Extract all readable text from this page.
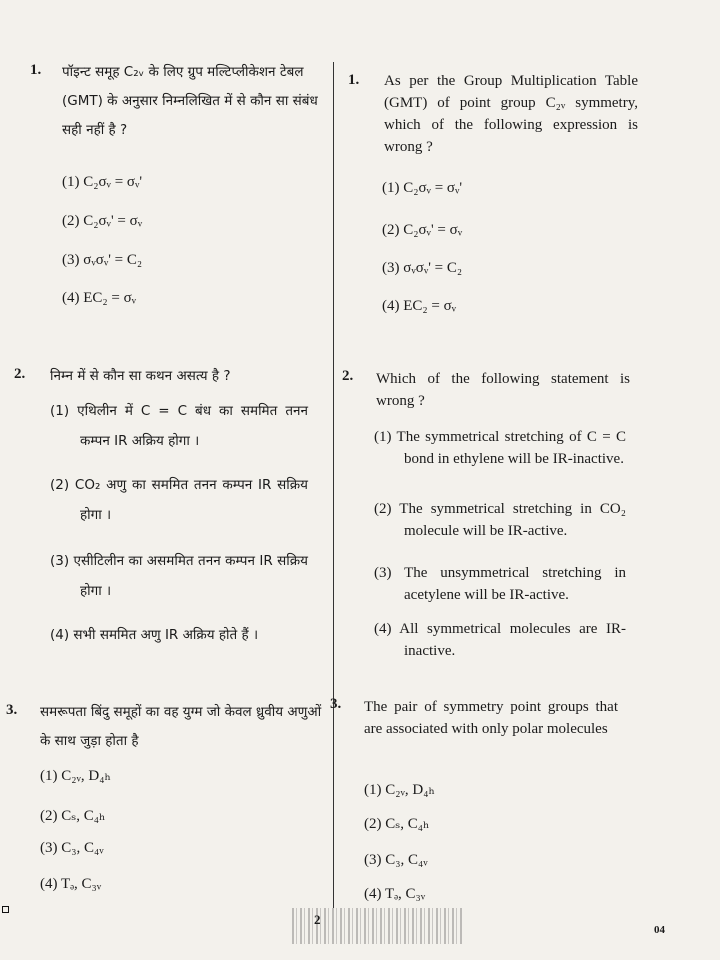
1. पॉइन्ट समूह C₂ᵥ के लिए ग्रुप मल्टिप्लीकेशन टेबल (GMT) के अनुसार निम्नलिखित में से कौन सा संबंध सही नहीं है ?
(1) C₂σᵥ = σᵥ'
(2) C₂σᵥ' = σᵥ
(3) σᵥσᵥ' = C₂
(4) EC₂ = σᵥ
2. निम्न में से कौन सा कथन असत्य है ?
(1) एथिलीन में C = C बंध का सममित तनन कम्पन IR अक्रिय होगा ।
(2) CO₂ अणु का सममित तनन कम्पन IR सक्रिय होगा ।
(3) एसीटिलीन का असममित तनन कम्पन IR सक्रिय होगा ।
(4) सभी सममित अणु IR अक्रिय होते हैं ।
3. समरूपता बिंदु समूहों का वह युग्म जो केवल ध्रुवीय अणुओं के साथ जुड़ा होता है
(1) C₂ᵥ, D₄ₕ
(2) Cₛ, C₄ₕ
(3) C₃, C₄ᵥ
(4) Tₔ, C₃ᵥ
1. As per the Group Multiplication Table (GMT) of point group C₂ᵥ symmetry, which of the following expression is wrong ?
(1) C₂σᵥ = σᵥ'
(2) C₂σᵥ' = σᵥ
(3) σᵥσᵥ' = C₂
(4) EC₂ = σᵥ
2. Which of the following statement is wrong ?
(1) The symmetrical stretching of C = C bond in ethylene will be IR-inactive.
(2) The symmetrical stretching in CO₂ molecule will be IR-active.
(3) The unsymmetrical stretching in acetylene will be IR-active.
(4) All symmetrical molecules are IR-inactive.
3. The pair of symmetry point groups that are associated with only polar molecules
(1) C₂ᵥ, D₄ₕ
(2) Cₛ, C₄ₕ
(3) C₃, C₄ᵥ
(4) Tₔ, C₃ᵥ
2
04
